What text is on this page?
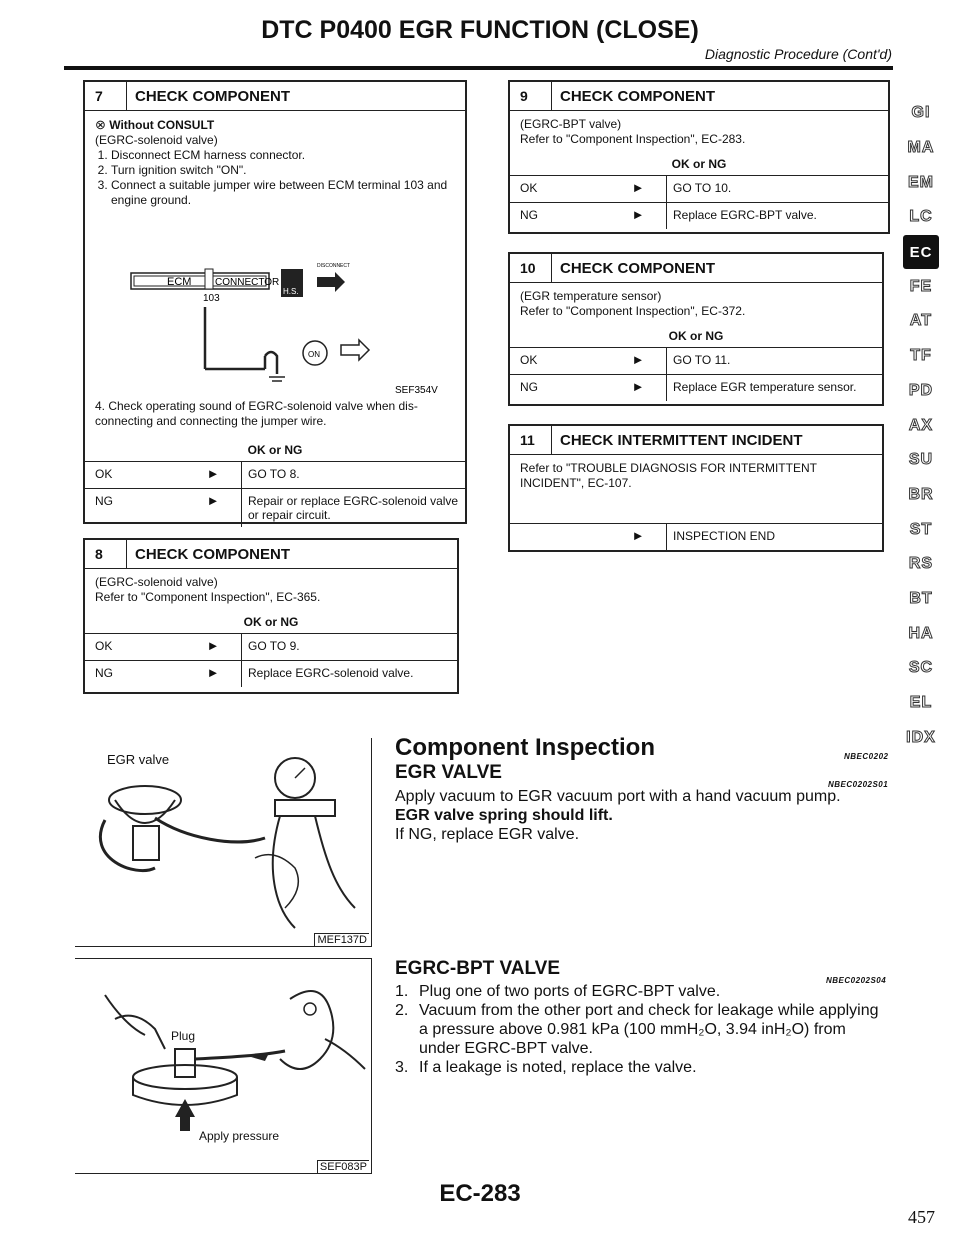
DTC P0400 EGR FUNCTION (CLOSE)
Diagnostic Procedure (Cont'd)
7	CHECK COMPONENT
⊗ Without CONSULT
(EGRC-solenoid valve)
1. Disconnect ECM harness connector.
2. Turn ignition switch "ON".
3. Connect a suitable jumper wire between ECM terminal 103 and engine ground.
ECM CONNECTOR
103
H.S.
DISCONNECT
ON
SEF354V
4. Check operating sound of EGRC-solenoid valve when dis-connecting and connecting the jumper wire.
OK or NG
OK	►	GO TO 8.
NG	►	Repair or replace EGRC-solenoid valve or repair circuit.
8	CHECK COMPONENT
(EGRC-solenoid valve)
Refer to "Component Inspection", EC-365.
OK or NG
OK	►	GO TO 9.
NG	►	Replace EGRC-solenoid valve.
9	CHECK COMPONENT
(EGRC-BPT valve)
Refer to "Component Inspection", EC-283.
OK or NG
OK	►	GO TO 10.
NG	►	Replace EGRC-BPT valve.
10	CHECK COMPONENT
(EGR temperature sensor)
Refer to "Component Inspection", EC-372.
OK or NG
OK	►	GO TO 11.
NG	►	Replace EGR temperature sensor.
11	CHECK INTERMITTENT INCIDENT
Refer to "TROUBLE DIAGNOSIS FOR INTERMITTENT INCIDENT", EC-107.
►	INSPECTION END
EGR valve
MEF137D
Plug
Apply pressure
SEF083P
Component Inspection	NBEC0202
EGR VALVE
NBEC0202S01
Apply vacuum to EGR vacuum port with a hand vacuum pump.
EGR valve spring should lift.
If NG, replace EGR valve.
EGRC-BPT VALVE
NBEC0202S04
1. Plug one of two ports of EGRC-BPT valve.
2. Vacuum from the other port and check for leakage while applying a pressure above 0.981 kPa (100 mmH₂O, 3.94 inH₂O) from under EGRC-BPT valve.
3. If a leakage is noted, replace the valve.
GI
MA
EM
LC
EC
FE
AT
TF
PD
AX
SU
BR
ST
RS
BT
HA
SC
EL
IDX
EC-283
457
